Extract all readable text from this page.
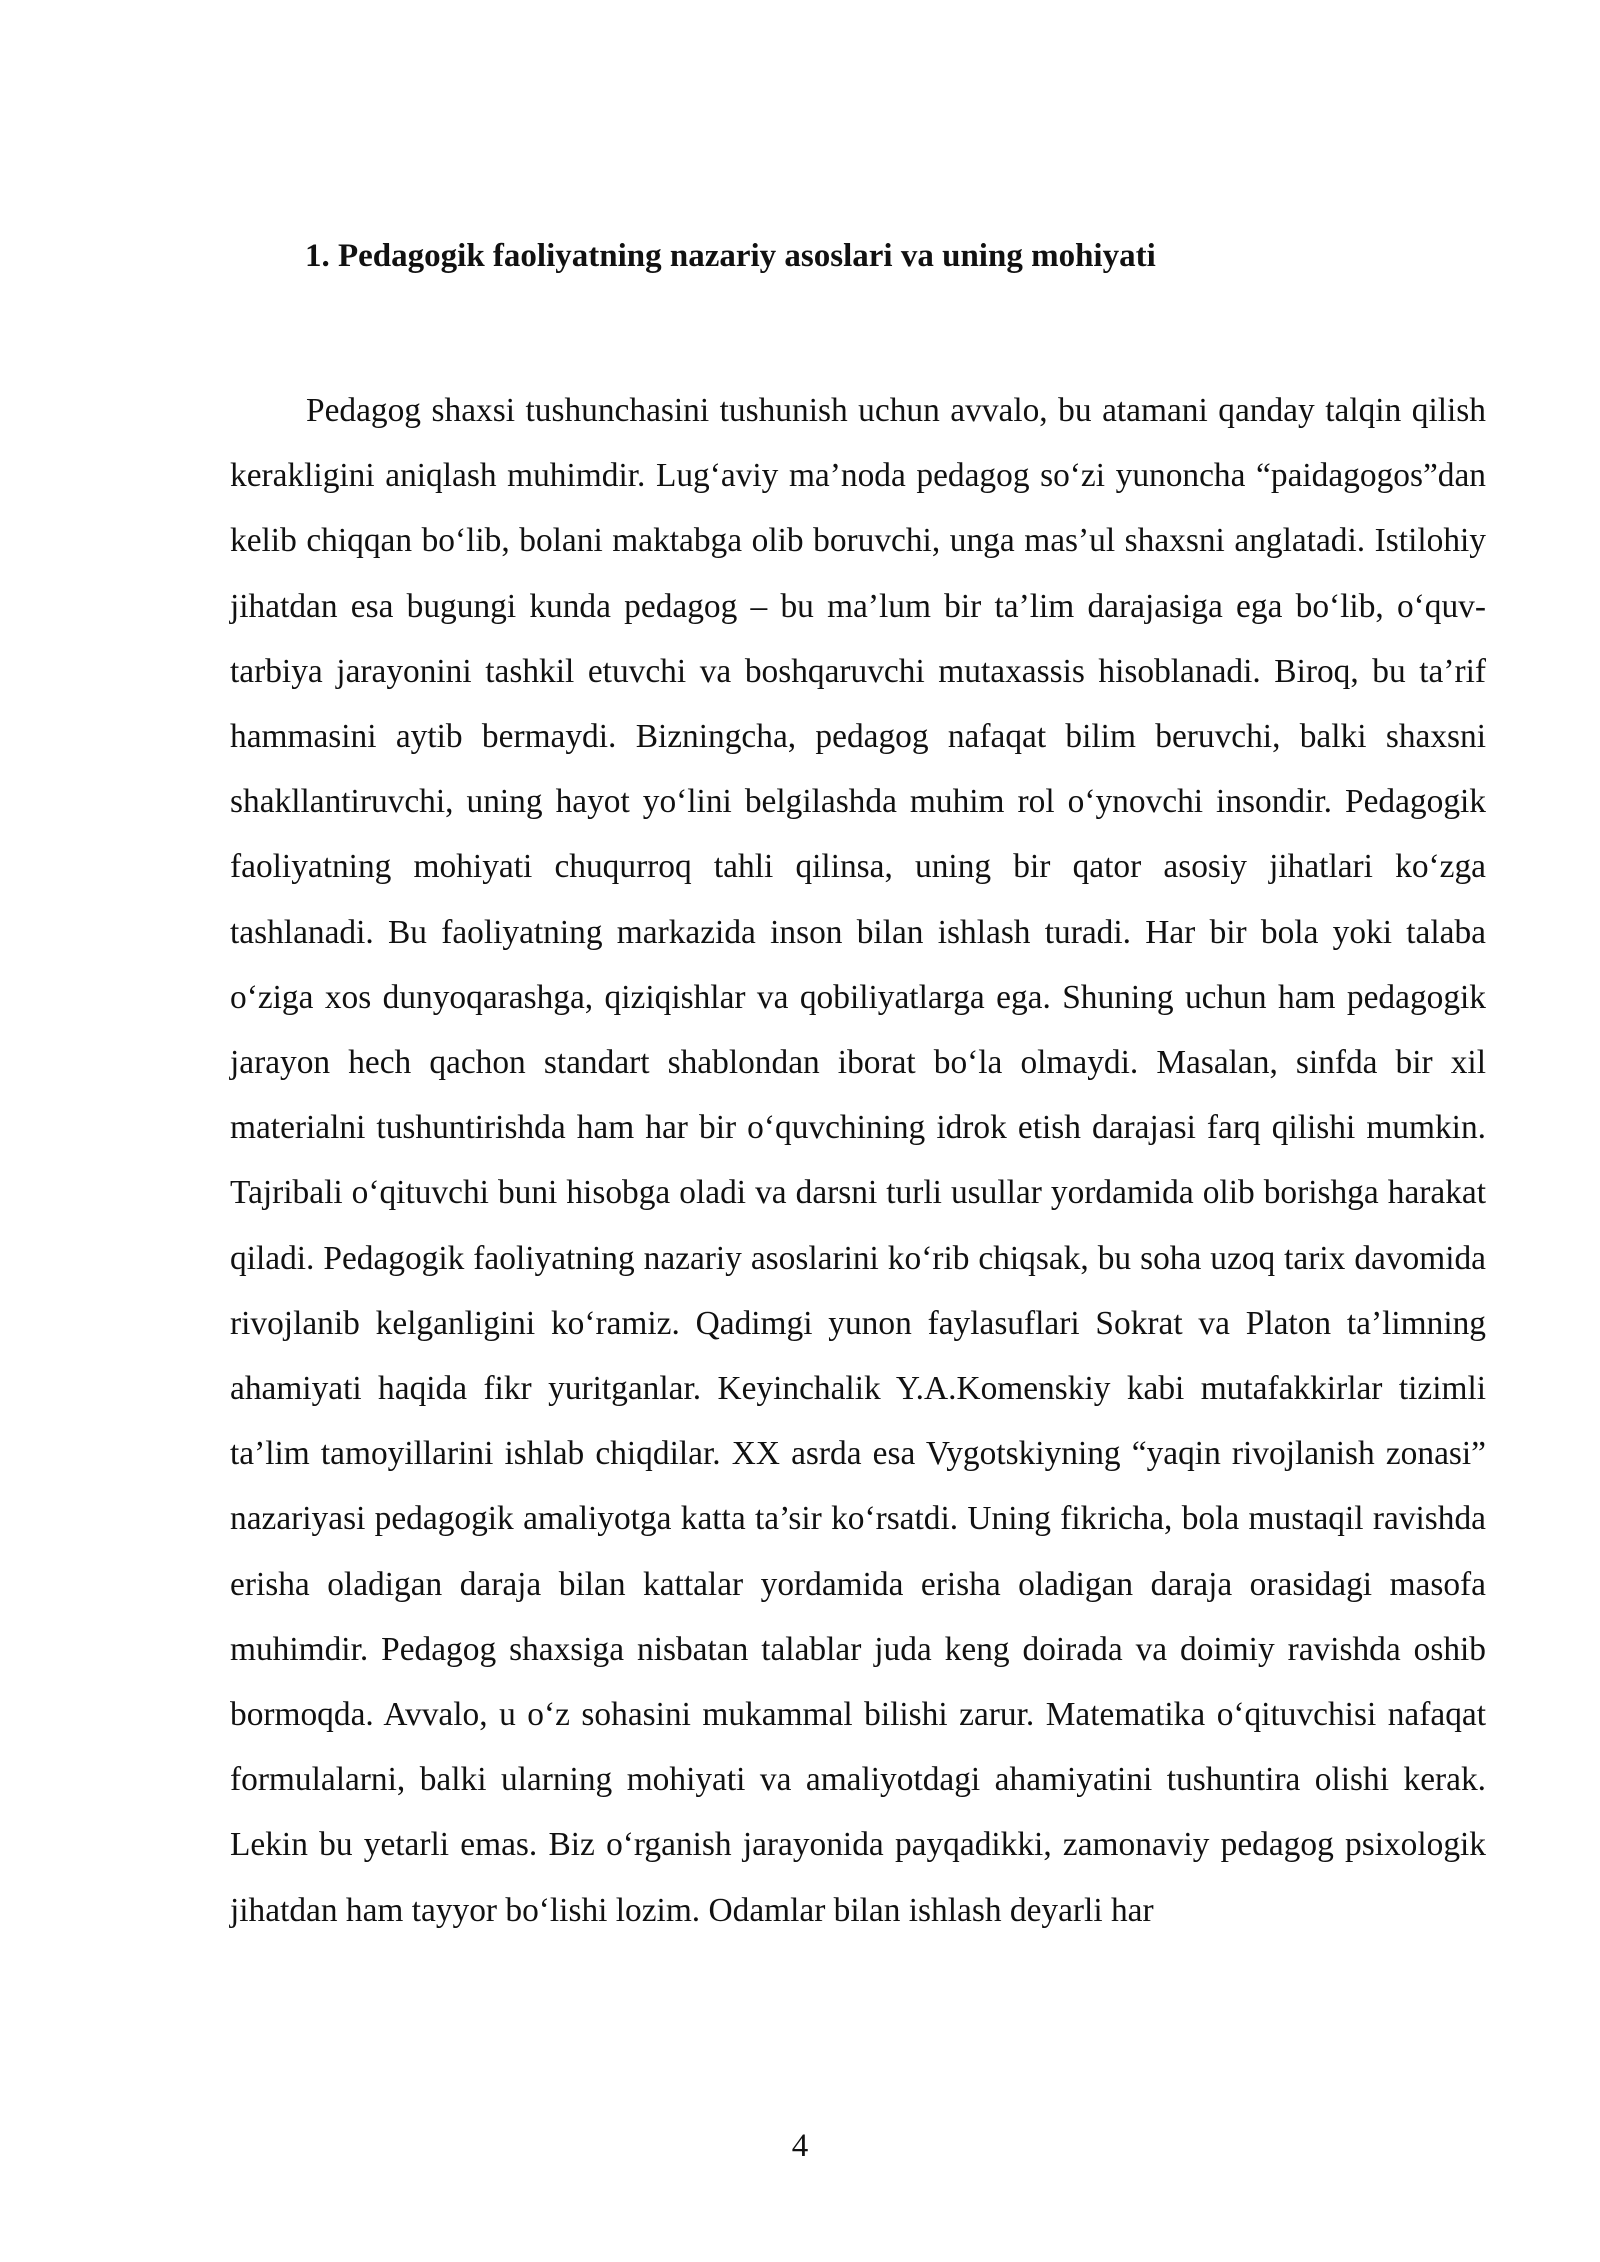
1. Pedagogik faoliyatning nazariy asoslari va uning mohiyati

Pedagog shaxsi tushunchasini tushunish uchun avvalo, bu atamani qanday talqin qilish kerakligini aniqlash muhimdir. Lug‘aviy ma’noda pedagog so‘zi yunoncha “paidagogos”dan kelib chiqqan bo‘lib, bolani maktabga olib boruvchi, unga mas’ul shaxsni anglatadi. Istilohiy jihatdan esa bugungi kunda pedagog – bu ma’lum bir ta’lim darajasiga ega bo‘lib, o‘quv-tarbiya jarayonini tashkil etuvchi va boshqaruvchi mutaxassis hisoblanadi. Biroq, bu ta’rif hammasini aytib bermaydi. Bizningcha, pedagog nafaqat bilim beruvchi, balki shaxsni shakllantiruvchi, uning hayot yo‘lini belgilashda muhim rol o‘ynovchi insondir. Pedagogik faoliyatning mohiyati chuqurroq tahli qilinsa, uning bir qator asosiy jihatlari ko‘zga tashlanadi. Bu faoliyatning markazida inson bilan ishlash turadi. Har bir bola yoki talaba o‘ziga xos dunyoqarashga, qiziqishlar va qobiliyatlarga ega. Shuning uchun ham pedagogik jarayon hech qachon standart shablondan iborat bo‘la olmaydi. Masalan, sinfda bir xil materialni tushuntirishda ham har bir o‘quvchining idrok etish darajasi farq qilishi mumkin. Tajribali o‘qituvchi buni hisobga oladi va darsni turli usullar yordamida olib borishga harakat qiladi. Pedagogik faoliyatning nazariy asoslarini ko‘rib chiqsak, bu soha uzoq tarix davomida rivojlanib kelganligini ko‘ramiz. Qadimgi yunon faylasuflari Sokrat va Platon ta’limning ahamiyati haqida fikr yuritganlar. Keyinchalik Y.A.Komenskiy kabi mutafakkirlar tizimli ta’lim tamoyillarini ishlab chiqdilar. XX asrda esa Vygotskiyning “yaqin rivojlanish zonasi” nazariyasi pedagogik amaliyotga katta ta’sir ko‘rsatdi. Uning fikricha, bola mustaqil ravishda erisha oladigan daraja bilan kattalar yordamida erisha oladigan daraja orasidagi masofa muhimdir. Pedagog shaxsiga nisbatan talablar juda keng doirada va doimiy ravishda oshib bormoqda. Avvalo, u o‘z sohasini mukammal bilishi zarur. Matematika o‘qituvchisi nafaqat formulalarni, balki ularning mohiyati va amaliyotdagi ahamiyatini tushuntira olishi kerak. Lekin bu yetarli emas. Biz o‘rganish jarayonida payqadikki, zamonaviy pedagog psixologik jihatdan ham tayyor bo‘lishi lozim. Odamlar bilan ishlash deyarli har

4
